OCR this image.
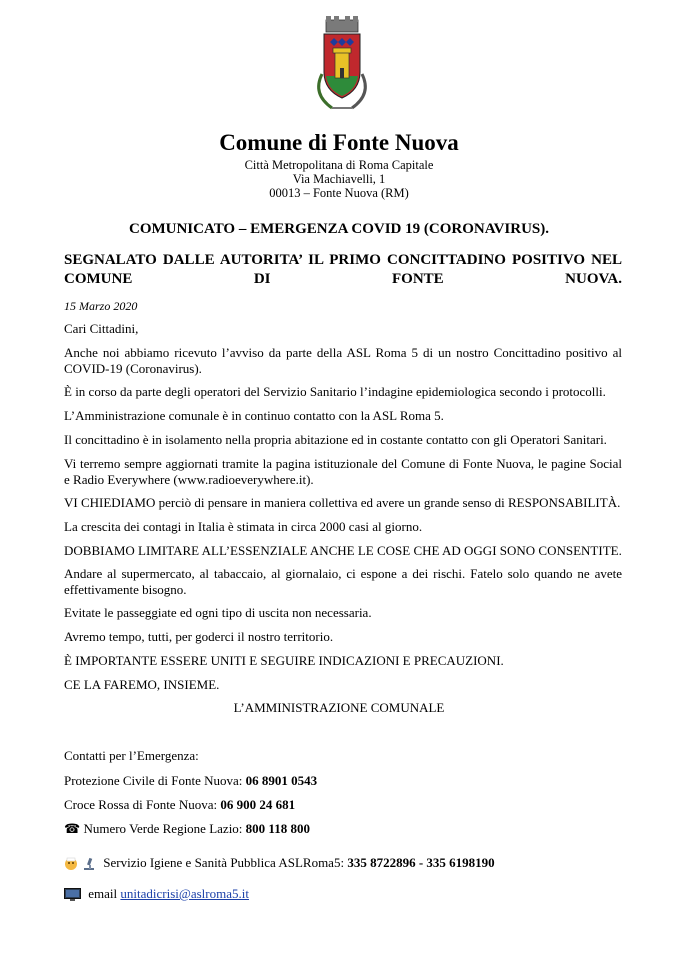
Comune di Fonte Nuova
Città Metropolitana di Roma Capitale
Via Machiavelli, 1
00013 – Fonte Nuova (RM)
COMUNICATO – EMERGENZA COVID 19 (CORONAVIRUS).
SEGNALATO DALLE AUTORITA’ IL PRIMO CONCITTADINO POSITIVO NEL COMUNE DI FONTE NUOVA.
15 Marzo 2020
Cari Cittadini,
Anche noi abbiamo ricevuto l’avviso da parte della ASL Roma 5 di un nostro Concittadino positivo al COVID-19 (Coronavirus).
È in corso da parte degli operatori del Servizio Sanitario l’indagine epidemiologica secondo i protocolli.
L’Amministrazione comunale è in continuo contatto con la ASL Roma 5.
Il concittadino è in isolamento nella propria abitazione ed in costante contatto con gli Operatori Sanitari.
Vi terremo sempre aggiornati tramite la pagina istituzionale del Comune di Fonte Nuova, le pagine Social e Radio Everywhere (www.radioeverywhere.it).
VI CHIEDIAMO perciò di pensare in maniera collettiva ed avere un grande senso di RESPONSABILITÀ.
La crescita dei contagi in Italia è stimata in circa 2000 casi al giorno.
DOBBIAMO LIMITARE ALL’ESSENZIALE ANCHE LE COSE CHE AD OGGI SONO CONSENTITE.
Andare al supermercato, al tabaccaio, al giornalaio, ci espone a dei rischi. Fatelo solo quando ne avete effettivamente bisogno.
Evitate le passeggiate ed ogni tipo di uscita non necessaria.
Avremo tempo, tutti, per goderci il nostro territorio.
È IMPORTANTE ESSERE UNITI E SEGUIRE INDICAZIONI E PRECAUZIONI.
CE LA FAREMO, INSIEME.
L’AMMINISTRAZIONE COMUNALE
Contatti per l’Emergenza:
Protezione Civile di Fonte Nuova: 06 8901 0543
Croce Rossa di Fonte Nuova: 06 900 24 681
☎ Numero Verde Regione Lazio: 800 118 800
Servizio Igiene e Sanità Pubblica ASLRoma5: 335 8722896 - 335 6198190
email unitadicrisi@aslroma5.it
